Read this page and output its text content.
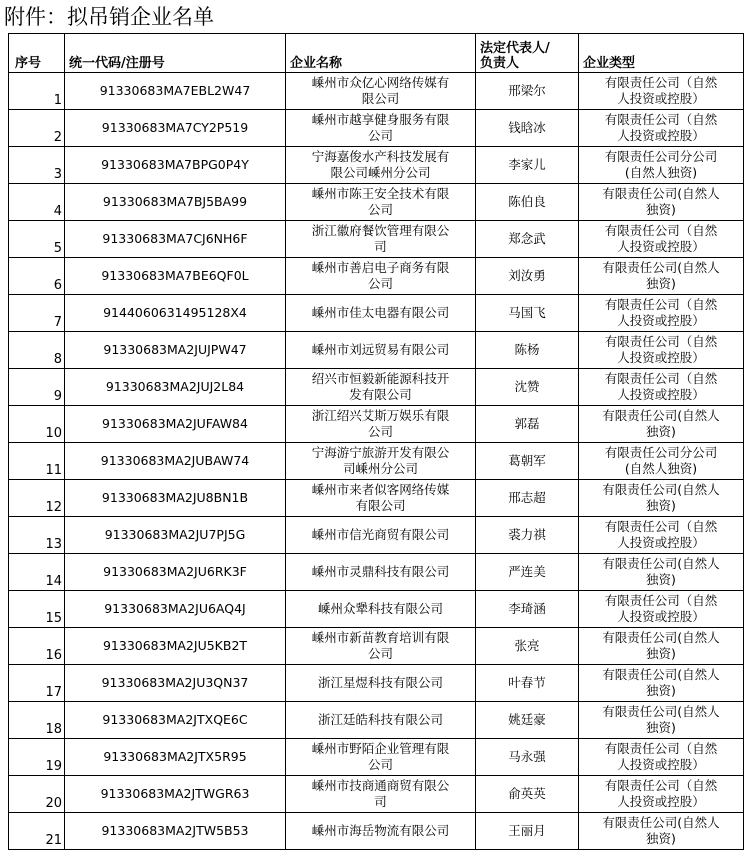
附件：拟吊销企业名单
序号	统一代码/注册号	企业名称	法定代表人/
负责人	企业类型
1	91330683MA7EBL2W47	嵊州市众亿心网络传媒有
限公司	邢梁尔	有限责任公司（自然
人投资或控股）

2	91330683MA7CY2P519	嵊州市越享健身服务有限
公司	钱晗冰	有限责任公司（自然
人投资或控股）

3	91330683MA7BPG0P4Y	宁海嘉俊水产科技发展有
限公司嵊州分公司	李家儿	有限责任公司分公司
(自然人独资)

4	91330683MA7BJ5BA99	嵊州市陈王安全技术有限
公司	陈伯良	有限责任公司(自然人
独资)

5	91330683MA7CJ6NH6F	浙江徽府餐饮管理有限公
司	郑念武	有限责任公司（自然
人投资或控股）

6	91330683MA7BE6QF0L	嵊州市善启电子商务有限
公司	刘汝勇	有限责任公司(自然人
独资)

7	9144060631495128X4	嵊州市佳太电器有限公司	马国飞	有限责任公司（自然
人投资或控股）

8	91330683MA2JUJPW47	嵊州市刘远贸易有限公司	陈杨	有限责任公司（自然
人投资或控股）

9	91330683MA2JUJ2L84	绍兴市恒毅新能源科技开
发有限公司	沈赞	有限责任公司（自然
人投资或控股）

10	91330683MA2JUFAW84	浙江绍兴艾斯万娱乐有限
公司	郭磊	有限责任公司(自然人
独资)

11	91330683MA2JUBAW74	宁海游宁旅游开发有限公
司嵊州分公司	葛朝军	有限责任公司分公司
(自然人独资)

12	91330683MA2JU8BN1B	嵊州市来者似客网络传媒
有限公司	邢志超	有限责任公司(自然人
独资)

13	91330683MA2JU7PJ5G	嵊州市信光商贸有限公司	裘力祺	有限责任公司（自然
人投资或控股）

14	91330683MA2JU6RK3F	嵊州市灵鼎科技有限公司	严连美	有限责任公司(自然人
独资)

15	91330683MA2JU6AQ4J	嵊州众犟科技有限公司	李琦涵	有限责任公司（自然
人投资或控股）

16	91330683MA2JU5KB2T	嵊州市新苗教育培训有限
公司	张亮	有限责任公司(自然人
独资)

17	91330683MA2JU3QN37	浙江星煜科技有限公司	叶春节	有限责任公司(自然人
独资)

18	91330683MA2JTXQE6C	浙江廷皓科技有限公司	姚廷豪	有限责任公司(自然人
独资)

19	91330683MA2JTX5R95	嵊州市野陌企业管理有限
公司	马永强	有限责任公司（自然
人投资或控股）

20	91330683MA2JTWGR63	嵊州市技商通商贸有限公
司	俞英英	有限责任公司（自然
人投资或控股）

21	91330683MA2JTW5B53	嵊州市海岳物流有限公司	王丽月	有限责任公司(自然人
独资)
